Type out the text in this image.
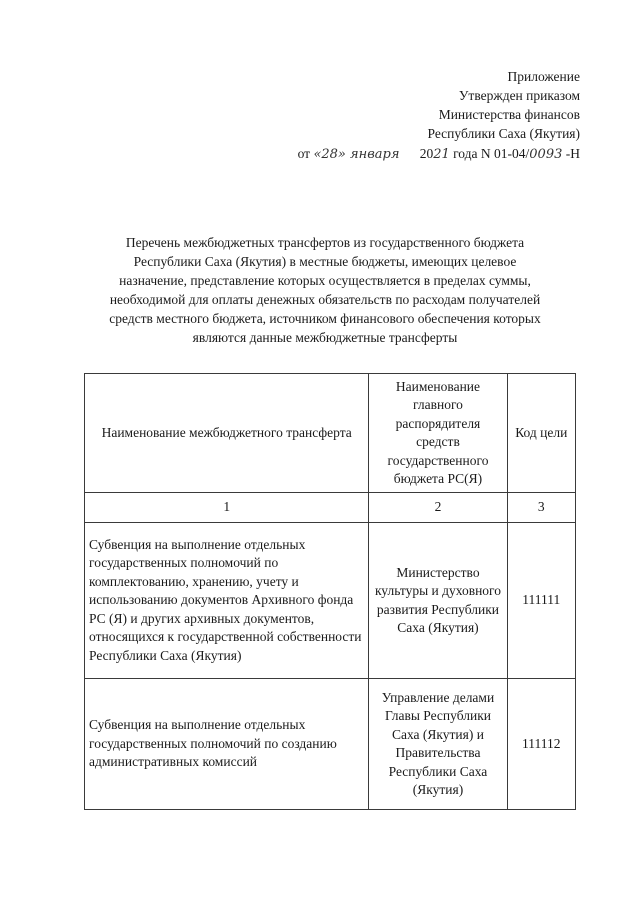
Приложение
Утвержден приказом
Министерства финансов
Республики Саха (Якутия)
от «28» января 2021 года N 01-04/0093 -Н
Перечень межбюджетных трансфертов из государственного бюджета
Республики Саха (Якутия) в местные бюджеты, имеющих целевое
назначение, представление которых осуществляется в пределах суммы,
необходимой для оплаты денежных обязательств по расходам получателей
средств местного бюджета, источником финансового обеспечения которых
являются данные межбюджетные трансферты
Наименование межбюджетного трансферта	Наименование главного распорядителя средств государственного бюджета РС(Я)	Код цели
1	2	3
Субвенция на выполнение отдельных государственных полномочий по комплектованию, хранению, учету и использованию документов Архивного фонда РС (Я) и других архивных документов, относящихся к государственной собственности Республики Саха (Якутия)	Министерство культуры и духовного развития Республики Саха (Якутия)	111111
Субвенция на выполнение отдельных государственных полномочий по созданию административных комиссий	Управление делами Главы Республики Саха (Якутия) и Правительства Республики Саха (Якутия)	111112
